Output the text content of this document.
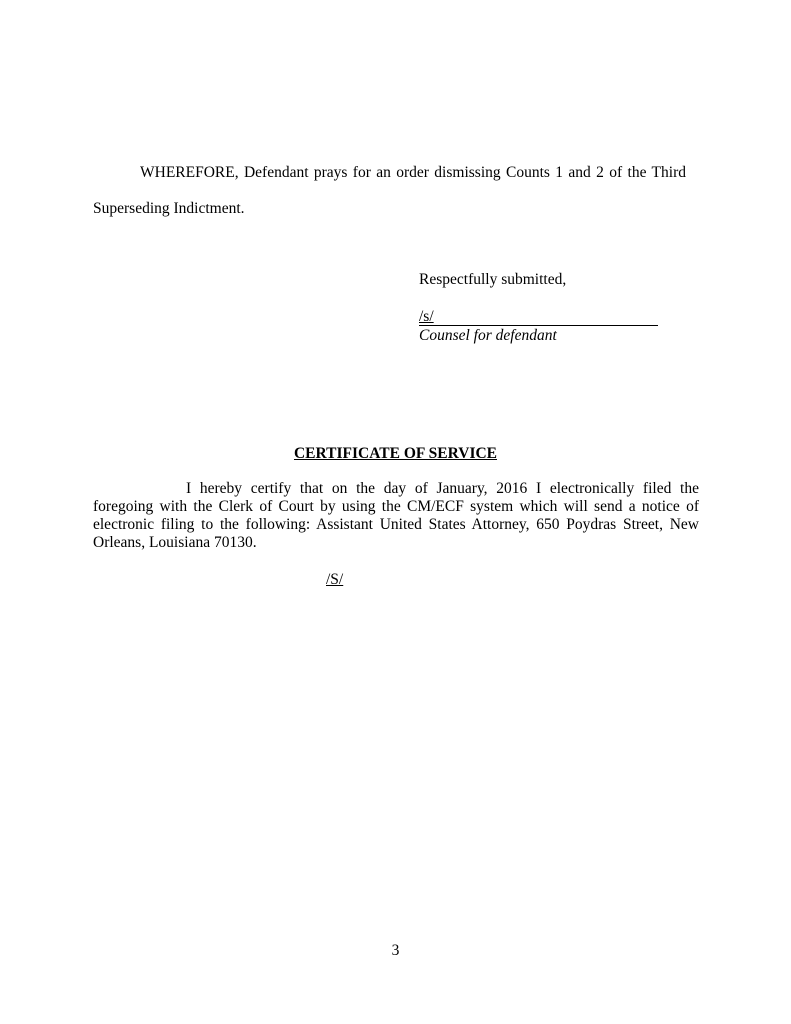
WHEREFORE, Defendant prays for an order dismissing Counts 1 and 2 of the Third
Superseding Indictment.
Respectfully submitted,
/s/
Counsel for defendant
CERTIFICATE OF SERVICE
I hereby certify that on the day of January, 2016 I electronically filed the foregoing with the Clerk of Court by using the CM/ECF system which will send a notice of electronic filing to the following: Assistant United States Attorney, 650 Poydras Street, New Orleans, Louisiana 70130.
/S/
3
